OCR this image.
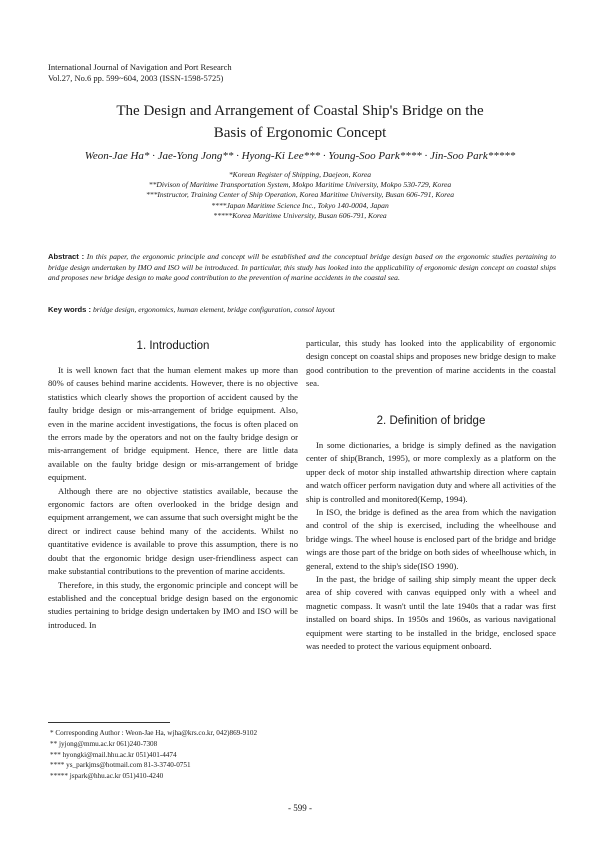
International Journal of Navigation and Port Research
Vol.27, No.6 pp. 599~604, 2003 (ISSN-1598-5725)
The Design and Arrangement of Coastal Ship's Bridge on the
Basis of Ergonomic Concept
Weon-Jae Ha* · Jae-Yong Jong** · Hyong-Ki Lee*** · Young-Soo Park**** · Jin-Soo Park*****
*Korean Register of Shipping, Daejeon, Korea
**Divison of Maritime Transportation System, Mokpo Maritime University, Mokpo 530-729, Korea
***Instructor, Training Center of Ship Operation, Korea Maritime University, Busan 606-791, Korea
****Japan Maritime Science Inc., Tokyo 140-0004, Japan
*****Korea Maritime University, Busan 606-791, Korea
Abstract : In this paper, the ergonomic principle and concept will be established and the conceptual bridge design based on the ergonomic studies pertaining to bridge design undertaken by IMO and ISO will be introduced. In particular, this study has looked into the applicability of ergonomic design concept on coastal ships and proposes new bridge design to make good contribution to the prevention of marine accidents in the coastal sea.
Key words : bridge design, ergonomics, human element, bridge configuration, consol layout
1. Introduction

It is well known fact that the human element makes up more than 80% of causes behind marine accidents. However, there is no objective statistics which clearly shows the proportion of accident caused by the faulty bridge design or mis-arrangement of bridge equipment. Also, even in the marine accident investigations, the focus is often placed on the errors made by the operators and not on the faulty bridge design or mis-arrangement of bridge equipment. Hence, there are little data available on the faulty bridge design or mis-arrangement of bridge equipment.

Although there are no objective statistics available, because the ergonomic factors are often overlooked in the bridge design and equipment arrangement, we can assume that such oversight might be the direct or indirect cause behind many of the accidents. Whilst no quantitative evidence is available to prove this assumption, there is no doubt that the ergonomic bridge design user-friendliness aspect can make substantial contributions to the prevention of marine accidents.

Therefore, in this study, the ergonomic principle and concept will be established and the conceptual bridge design based on the ergonomic studies pertaining to bridge design undertaken by IMO and ISO will be introduced. In

particular, this study has looked into the applicability of ergonomic design concept on coastal ships and proposes new bridge design to make good contribution to the prevention of marine accidents in the coastal sea.

2. Definition of bridge

In some dictionaries, a bridge is simply defined as the navigation center of ship(Branch, 1995), or more complexly as a platform on the upper deck of motor ship installed athwartship direction where captain and watch officer perform navigation duty and where all activities of the ship is controlled and monitored(Kemp, 1994).

In ISO, the bridge is defined as the area from which the navigation and control of the ship is exercised, including the wheelhouse and bridge wings. The wheel house is enclosed part of the bridge and bridge wings are those part of the bridge on both sides of wheelhouse which, in general, extend to the ship's side(ISO 1990).

In the past, the bridge of sailing ship simply meant the upper deck area of ship covered with canvas equipped only with a wheel and magnetic compass. It wasn't until the late 1940s that a radar was first installed on board ships. In 1950s and 1960s, as various navigational equipment were starting to be installed in the bridge, enclosed space was needed to protect the various equipment onboard.

* Corresponding Author : Weon-Jae Ha, wjha@krs.co.kr, 042)869-9102
** jyjong@mmu.ac.kr 061)240-7308
*** hyongki@mail.hhu.ac.kr 051)401-4474
**** ys_parkjms@hotmail.com 81-3-3740-0751
***** jspark@hhu.ac.kr 051)410-4240
- 599 -
